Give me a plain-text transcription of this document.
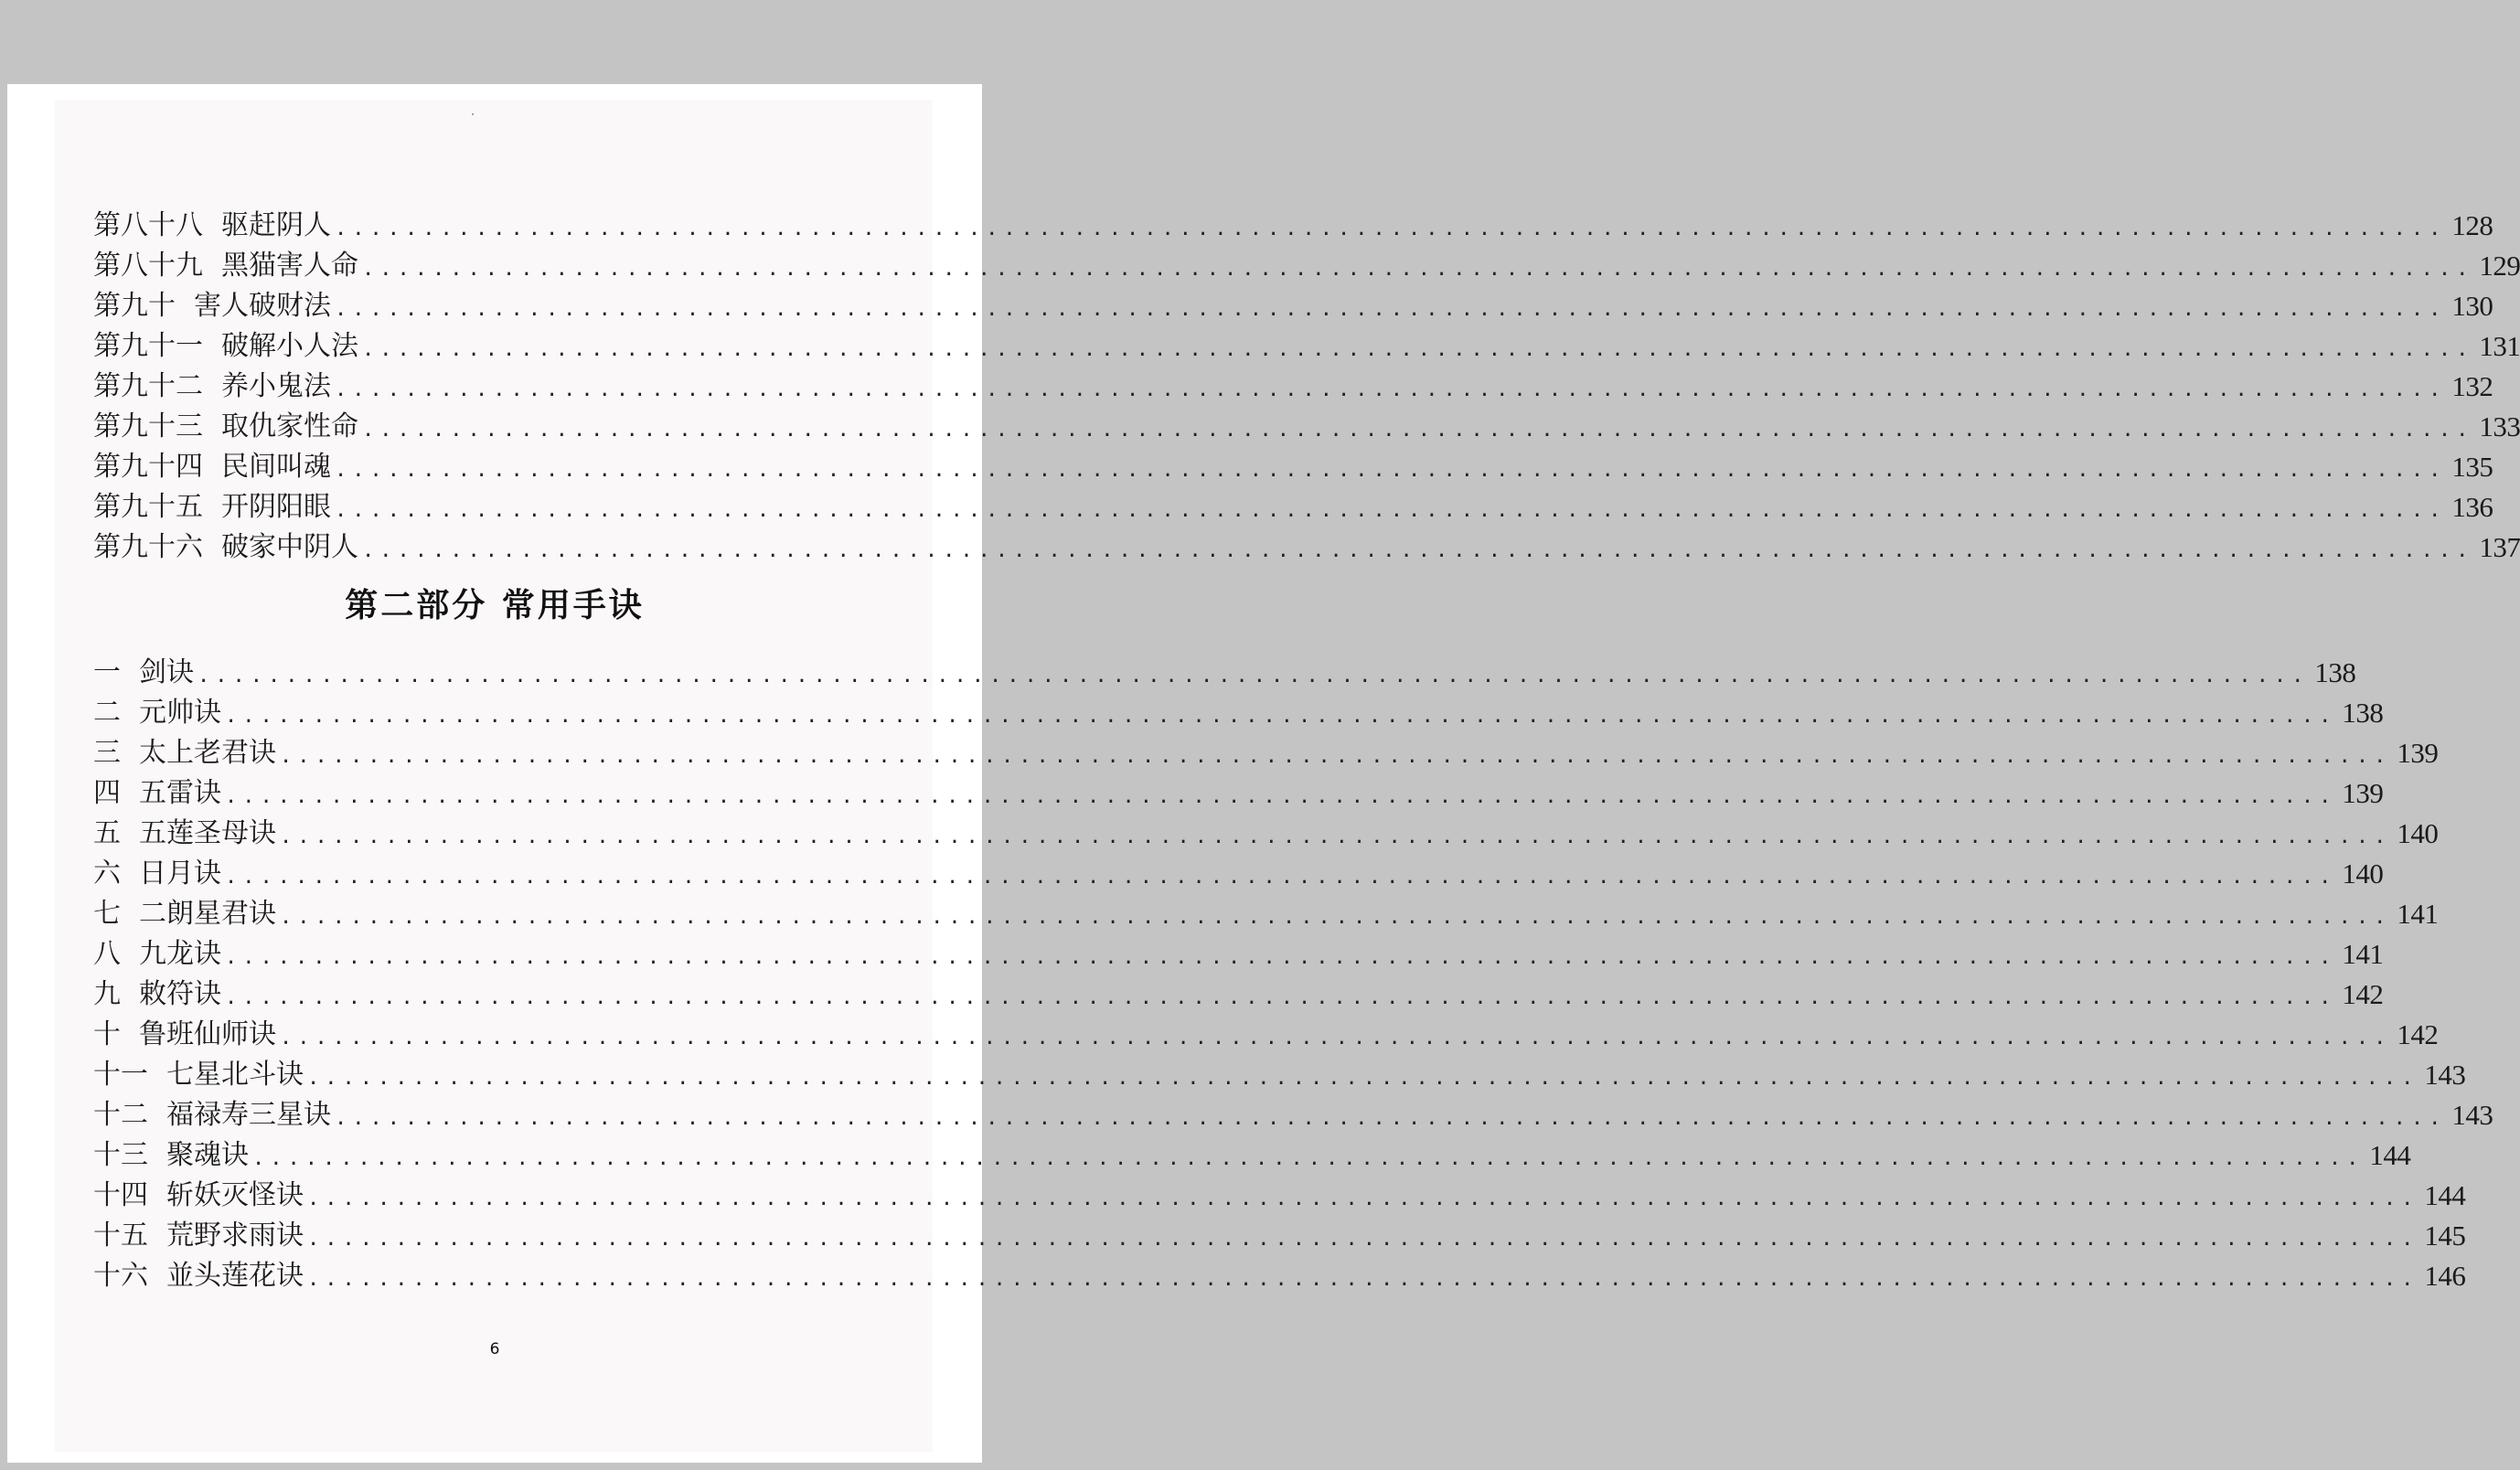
第八十八 驱赶阴人 ........................................................................................................................ 128
第八十九 黑猫害人命 ........................................................................................................................ 129
第九十 害人破财法 ........................................................................................................................ 130
第九十一 破解小人法 ........................................................................................................................ 131
第九十二 养小鬼法 ........................................................................................................................ 132
第九十三 取仇家性命 ........................................................................................................................ 133
第九十四 民间叫魂 ........................................................................................................................ 135
第九十五 开阴阳眼 ........................................................................................................................ 136
第九十六 破家中阴人 ........................................................................................................................ 137
第二部分 常用手诀
一 剑诀 ........................................................................................................................ 138
二 元帅诀 ........................................................................................................................ 138
三 太上老君诀 ........................................................................................................................ 139
四 五雷诀 ........................................................................................................................ 139
五 五莲圣母诀 ........................................................................................................................ 140
六 日月诀 ........................................................................................................................ 140
七 二朗星君诀 ........................................................................................................................ 141
八 九龙诀 ........................................................................................................................ 141
九 敕符诀 ........................................................................................................................ 142
十 鲁班仙师诀 ........................................................................................................................ 142
十一 七星北斗诀 ........................................................................................................................ 143
十二 福禄寿三星诀 ........................................................................................................................ 143
十三 聚魂诀 ........................................................................................................................ 144
十四 斩妖灭怪诀 ........................................................................................................................ 144
十五 荒野求雨诀 ........................................................................................................................ 145
十六 並头莲花诀 ........................................................................................................................ 146
6
